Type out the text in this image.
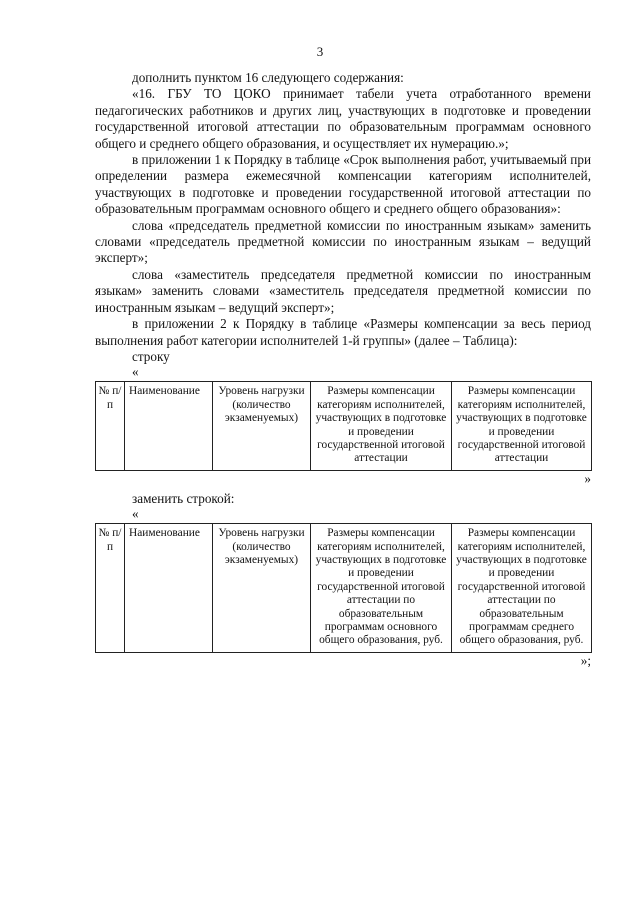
3

дополнить пунктом 16 следующего содержания:

«16. ГБУ ТО ЦОКО принимает табели учета отработанного времени педагогических работников и других лиц, участвующих в подготовке и проведении государственной итоговой аттестации по образовательным программам основного общего и среднего общего образования, и осуществляет их нумерацию.»;

в приложении 1 к Порядку в таблице «Срок выполнения работ, учитываемый при определении размера ежемесячной компенсации категориям исполнителей, участвующих в подготовке и проведении государственной итоговой аттестации по образовательным программам основного общего и среднего общего образования»:

слова «председатель предметной комиссии по иностранным языкам» заменить словами «председатель предметной комиссии по иностранным языкам – ведущий эксперт»;

слова «заместитель председателя предметной комиссии по иностранным языкам» заменить словами «заместитель председателя предметной комиссии по иностранным языкам – ведущий эксперт»;

в приложении 2 к Порядку в таблице «Размеры компенсации за весь период выполнения работ категории исполнителей 1-й группы» (далее – Таблица):

строку

«

№ п/п	Наименование	Уровень нагрузки (количество экзаменуемых)	Размеры компенсации категориям исполнителей, участвующих в подготовке и проведении государственной итоговой аттестации	Размеры компенсации категориям исполнителей, участвующих в подготовке и проведении государственной итоговой аттестации

»

заменить строкой:

«

№ п/п	Наименование	Уровень нагрузки (количество экзаменуемых)	Размеры компенсации категориям исполнителей, участвующих в подготовке и проведении государственной итоговой аттестации по образовательным программам основного общего образования, руб.	Размеры компенсации категориям исполнителей, участвующих в подготовке и проведении государственной итоговой аттестации по образовательным программам среднего общего образования, руб.

»;
